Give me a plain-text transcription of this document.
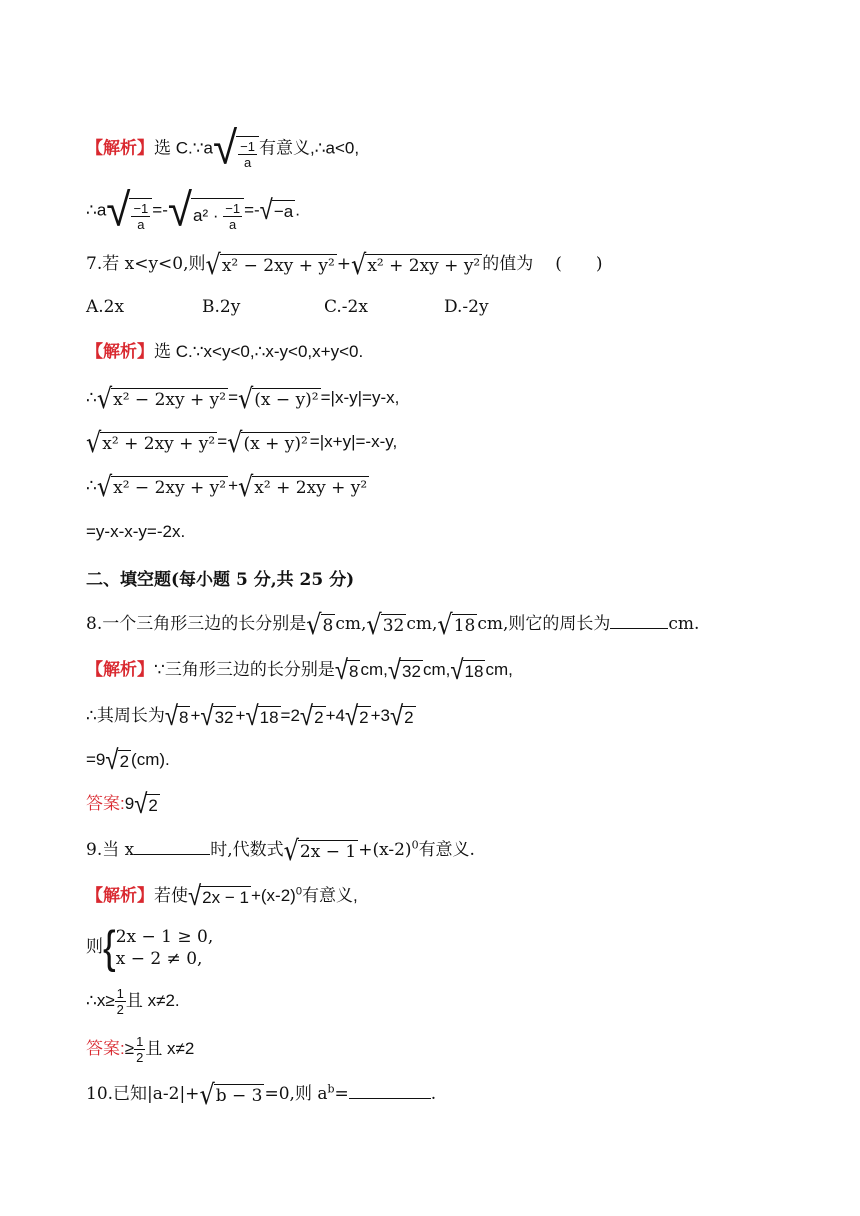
【解析】选 C.∵a √ $\frac{-1}{a}$ 有意义,∴a<0,
∴a √ $\frac{-1}{a}$ =- √ $a^2 \cdot \frac{-1}{a}$ =- √ −a .
7.若 x<y<0,则 √ x² − 2xy + y² + √ x² + 2xy + y² 的值为 (　　)
A.2x	B.2y	C.-2x	D.-2y
【解析】选 C.∵x<y<0,∴x-y<0,x+y<0.
∴ √ x² − 2xy + y² = √ (x − y)² =|x-y|=y-x,
√ x² + 2xy + y² = √ (x + y)² =|x+y|=-x-y,
∴ √ x² − 2xy + y² + √ x² + 2xy + y²
=y-x-x-y=-2x.
二、填空题(每小题 5 分,共 25 分)
8.一个三角形三边的长分别是 √ 8 cm, √ 32 cm, √ 18 cm,则它的周长为	cm.
【解析】∵三角形三边的长分别是 √ 8 cm, √ 32 cm, √ 18 cm,
∴其周长为 √ 8 + √ 32 + √ 18 =2 √ 2 +4 √ 2 +3 √ 2
=9 √ 2 (cm).
答案:9 √ 2
9.当 x	时,代数式 √ $2x - 1 +(x-2)^0$有意义.
【解析】若使 √ $2x - 1 +(x-2)^0$有意义,
则{ 2x − 1 ≥ 0,
x − 2 ≠ 0,
∴x≥ $\frac{1}{2}$ 且 x≠2.
答案:≥ $\frac{1}{2}$ 且 x≠2
10.已知|a-2|+ √ b − 3 =0,则 $a^b=$	.
